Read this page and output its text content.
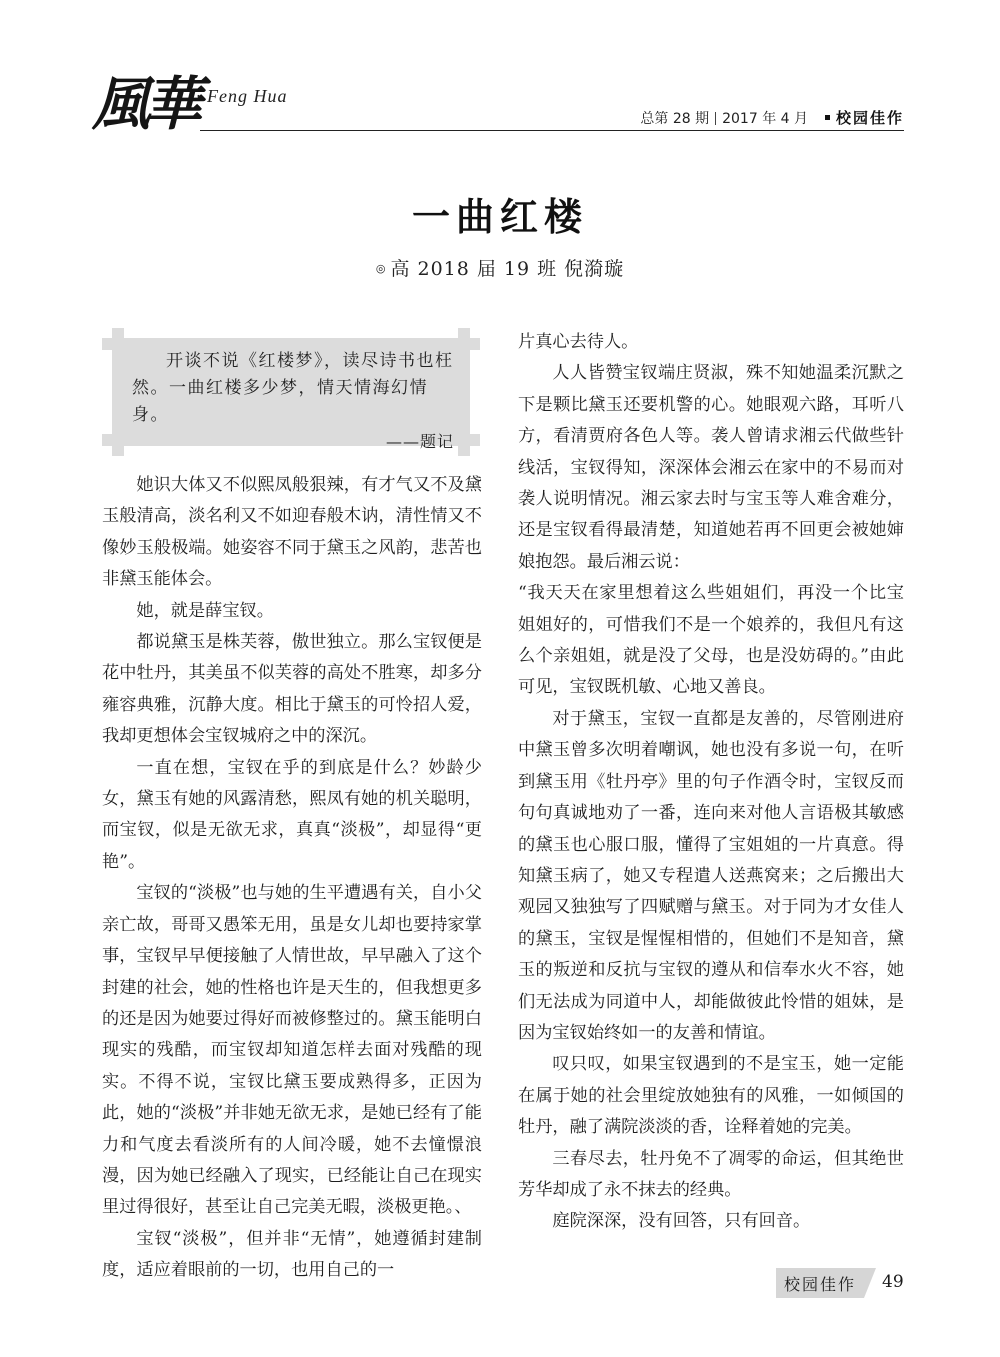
風華 · Feng Hua
总第 28 期 2017 年 4 月	校园佳作
一曲红楼
◎ 高 2018 届 19 班 倪漪璇
开谈不说《红楼梦》，读尽诗书也枉然。一曲红楼多少梦，情天情海幻情身。
——题记

她识大体又不似熙凤般狠辣，有才气又不及黛玉般清高，淡名利又不如迎春般木讷，清性情又不像妙玉般极端。她姿容不同于黛玉之风韵，悲苦也非黛玉能体会。

她，就是薛宝钗。

都说黛玉是株芙蓉，傲世独立。那么宝钗便是花中牡丹，其美虽不似芙蓉的高处不胜寒，却多分雍容典雅，沉静大度。相比于黛玉的可怜招人爱，我却更想体会宝钗城府之中的深沉。

一直在想，宝钗在乎的到底是什么？妙龄少女，黛玉有她的风露清愁，熙凤有她的机关聪明，而宝钗，似是无欲无求，真真“淡极”，却显得“更艳”。

宝钗的“淡极”也与她的生平遭遇有关，自小父亲亡故，哥哥又愚笨无用，虽是女儿却也要持家掌事，宝钗早早便接触了人情世故，早早融入了这个封建的社会，她的性格也许是天生的，但我想更多的还是因为她要过得好而被修整过的。黛玉能明白现实的残酷，而宝钗却知道怎样去面对残酷的现实。不得不说，宝钗比黛玉要成熟得多，正因为此，她的“淡极”并非她无欲无求，是她已经有了能力和气度去看淡所有的人间冷暖，她不去憧憬浪漫，因为她已经融入了现实，已经能让自己在现实里过得很好，甚至让自己完美无暇，淡极更艳。、

宝钗“淡极”，但并非“无情”，她遵循封建制度，适应着眼前的一切，也用自己的一

片真心去待人。

人人皆赞宝钗端庄贤淑，殊不知她温柔沉默之下是颗比黛玉还要机警的心。她眼观六路，耳听八方，看清贾府各色人等。袭人曾请求湘云代做些针线活，宝钗得知，深深体会湘云在家中的不易而对袭人说明情况。湘云家去时与宝玉等人难舍难分，还是宝钗看得最清楚，知道她若再不回更会被她婶娘抱怨。最后湘云说：

“我天天在家里想着这么些姐姐们，再没一个比宝姐姐好的，可惜我们不是一个娘养的，我但凡有这么个亲姐姐，就是没了父母，也是没妨碍的。”由此可见，宝钗既机敏、心地又善良。

对于黛玉，宝钗一直都是友善的，尽管刚进府中黛玉曾多次明着嘲讽，她也没有多说一句，在听到黛玉用《牡丹亭》里的句子作酒令时，宝钗反而句句真诚地劝了一番，连向来对他人言语极其敏感的黛玉也心服口服，懂得了宝姐姐的一片真意。得知黛玉病了，她又专程遣人送燕窝来；之后搬出大观园又独独写了四赋赠与黛玉。对于同为才女佳人的黛玉，宝钗是惺惺相惜的，但她们不是知音，黛玉的叛逆和反抗与宝钗的遵从和信奉水火不容，她们无法成为同道中人，却能做彼此怜惜的姐妹，是因为宝钗始终如一的友善和情谊。

叹只叹，如果宝钗遇到的不是宝玉，她一定能在属于她的社会里绽放她独有的风雅，一如倾国的牡丹，融了满院淡淡的香，诠释着她的完美。

三春尽去，牡丹免不了凋零的命运，但其绝世芳华却成了永不抹去的经典。

庭院深深，没有回答，只有回音。

校园佳作 49
